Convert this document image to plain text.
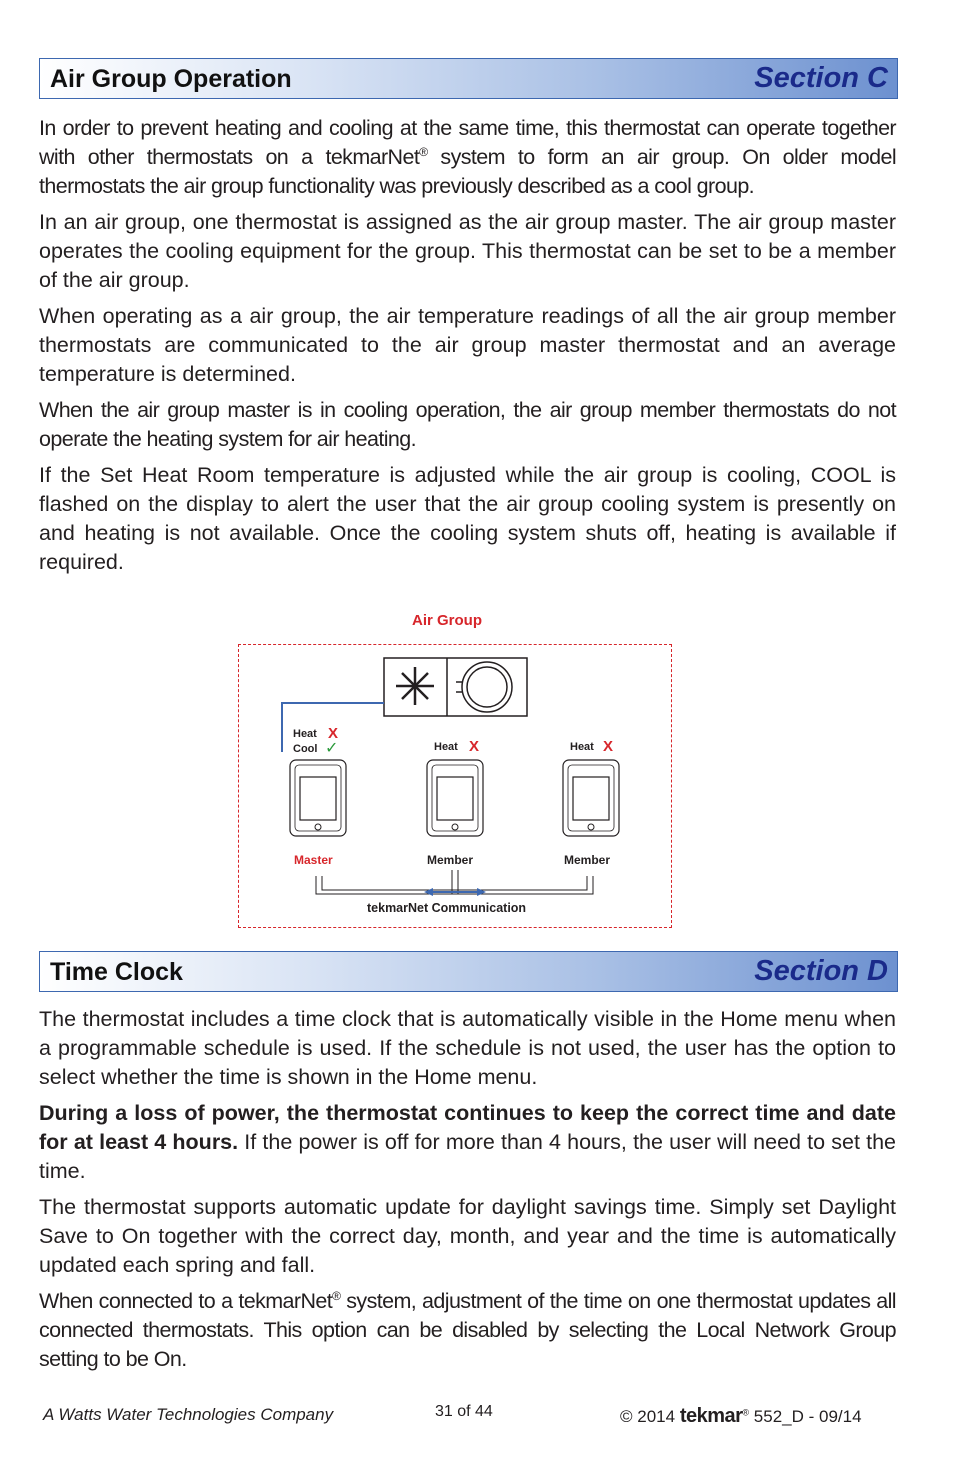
Air Group Operation	Section C

In order to prevent heating and cooling at the same time, this thermostat can operate together with other thermostats on a tekmarNet® system to form an air group. On older model thermostats the air group functionality was previously described as a cool group.

In an air group, one thermostat is assigned as the air group master. The air group master operates the cooling equipment for the group. This thermostat can be set to be a member of the air group.

When operating as a air group, the air temperature readings of all the air group member thermostats are communicated to the air group master thermostat and an average temperature is determined.

When the air group master is in cooling operation, the air group member thermostats do not operate the heating system for air heating.

If the Set Heat Room temperature is adjusted while the air group is cooling, COOL is flashed on the display to alert the user that the air group cooling system is presently on and heating is not available. Once the cooling system shuts off, heating is available if required.

Air Group
Heat X
Cool ✓	Heat X	Heat X
Master	Member	Member
tekmarNet Communication
Time Clock	Section D

The thermostat includes a time clock that is automatically visible in the Home menu when a programmable schedule is used. If the schedule is not used, the user has the option to select whether the time is shown in the Home menu.

During a loss of power, the thermostat continues to keep the correct time and date for at least 4 hours. If the power is off for more than 4 hours, the user will need to set the time.

The thermostat supports automatic update for daylight savings time. Simply set Daylight Save to On together with the correct day, month, and year and the time is automatically updated each spring and fall.

When connected to a tekmarNet® system, adjustment of the time on one thermostat updates all connected thermostats. This option can be disabled by selecting the Local Network Group setting to be On.

A Watts Water Technologies Company	31 of 44	© 2014 tekmar® 552_D - 09/14
